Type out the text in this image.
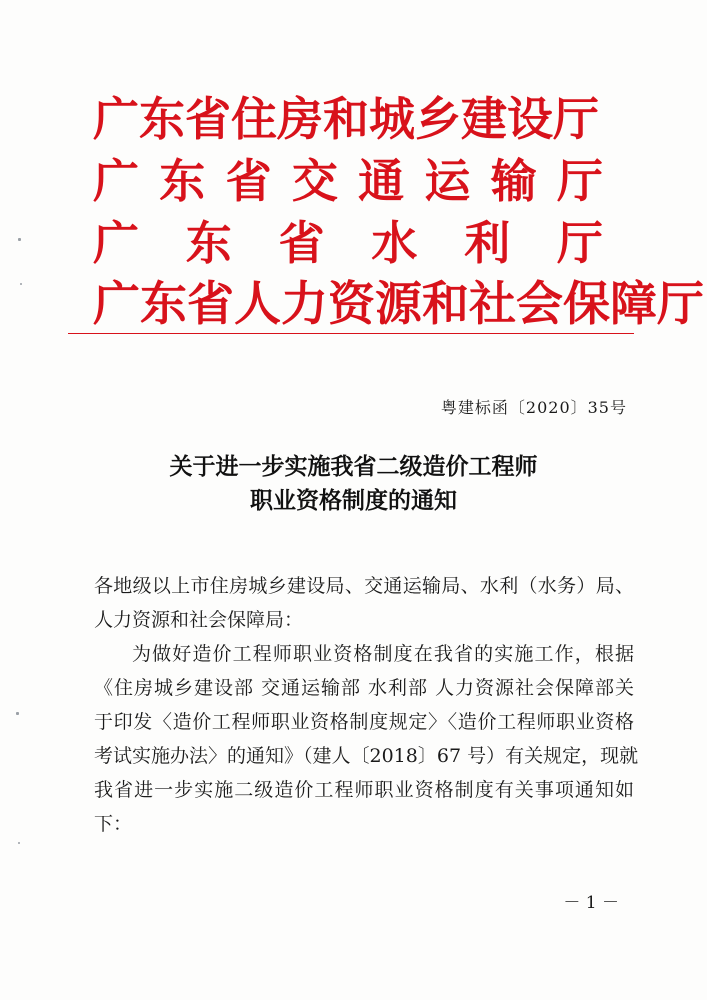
广东省住房和城乡建设厅
广 东 省 交 通 运 输 厅
广 东 省 水 利 厅
广东省人力资源和社会保障厅
粤建标函〔2020〕35号
关于进一步实施我省二级造价工程师
职业资格制度的通知

各地级以上市住房城乡建设局、交通运输局、水利（水务）局、

人力资源和社会保障局：

为做好造价工程师职业资格制度在我省的实施工作，根据

《住房城乡建设部 交通运输部 水利部 人力资源社会保障部关

于印发〈造价工程师职业资格制度规定〉〈造价工程师职业资格

考试实施办法〉的通知》（建人〔2018〕67 号）有关规定，现就

我省进一步实施二级造价工程师职业资格制度有关事项通知如

下：

－ 1 －
